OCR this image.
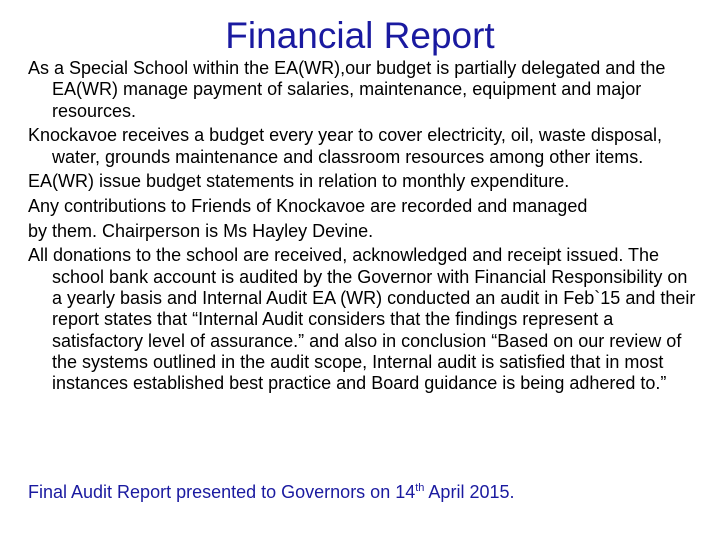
Financial Report

As a Special School within the EA(WR),our budget is partially delegated and the EA(WR) manage payment of salaries, maintenance, equipment and major resources.

Knockavoe receives a budget every year to cover electricity, oil, waste disposal, water, grounds maintenance and classroom resources among other items.

EA(WR) issue budget statements in relation to monthly expenditure.

Any contributions to Friends of Knockavoe are recorded and managed

by them. Chairperson is Ms Hayley Devine.

All donations to the school are received, acknowledged and receipt issued. The school bank account is audited by the Governor with Financial Responsibility on a yearly basis and Internal Audit EA (WR) conducted an audit in Feb`15 and their report states that “Internal Audit considers that the findings represent a satisfactory level of assurance.” and also in conclusion “Based on our review of the systems outlined in the audit scope, Internal audit is satisfied that in most instances established best practice and Board guidance is being adhered to.”

Final Audit Report presented to Governors on 14th April 2015.
